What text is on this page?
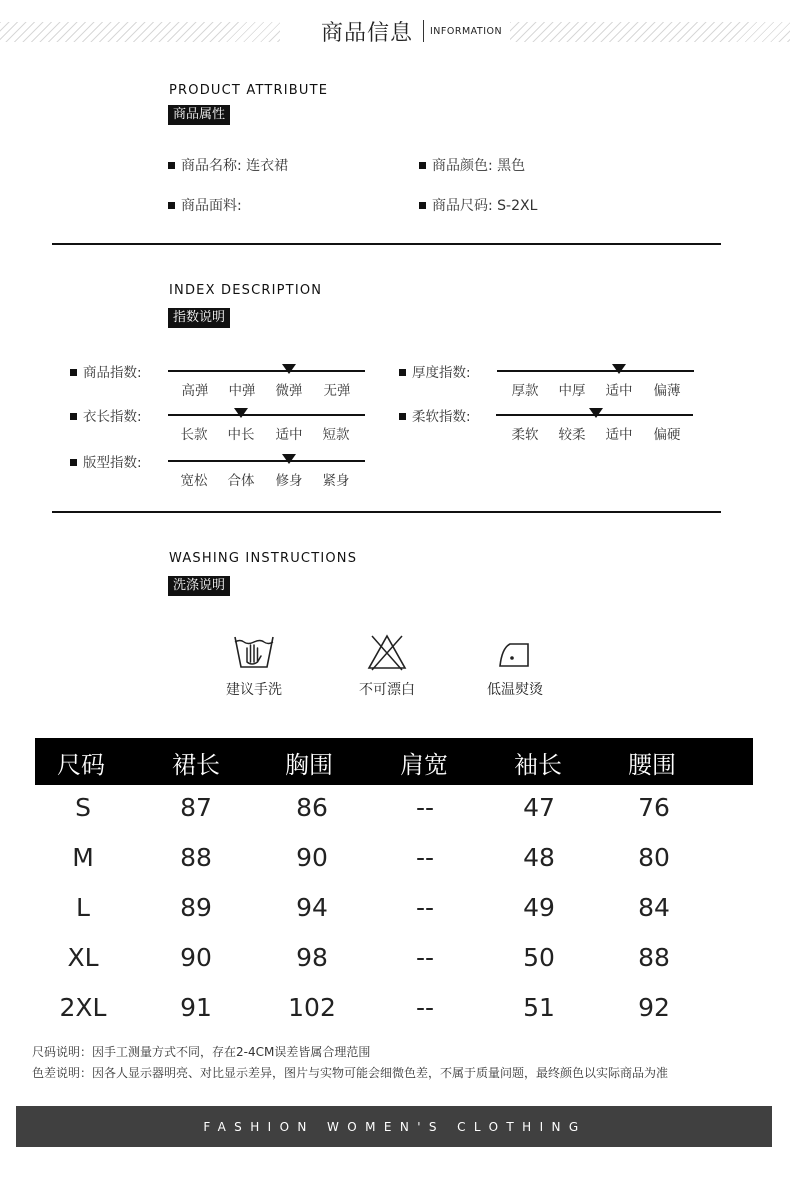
商品信息 INFORMATION
PRODUCT ATTRIBUTE
商品属性
商品名称: 连衣裙	商品颜色: 黑色
商品面料:	商品尺码: S-2XL
INDEX DESCRIPTION
指数说明
商品指数:
高弹 中弹 微弹 无弹
厚度指数:
厚款 中厚 适中 偏薄
衣长指数:
长款 中长 适中 短款
柔软指数:
柔软 较柔 适中 偏硬
版型指数:
宽松 合体 修身 紧身
WASHING INSTRUCTIONS
洗涤说明
建议手洗	不可漂白	低温熨烫
尺码	裙长	胸围	肩宽	袖长	腰围
S	87	86	--	47	76
M	88	90	--	48	80
L	89	94	--	49	84
XL	90	98	--	50	88
2XL	91	102	--	51	92
尺码说明：因手工测量方式不同，存在2-4CM误差皆属合理范围
色差说明：因各人显示器明亮、对比显示差异，图片与实物可能会细微色差，不属于质量问题，最终颜色以实际商品为准
FASHION WOMEN'S CLOTHING
